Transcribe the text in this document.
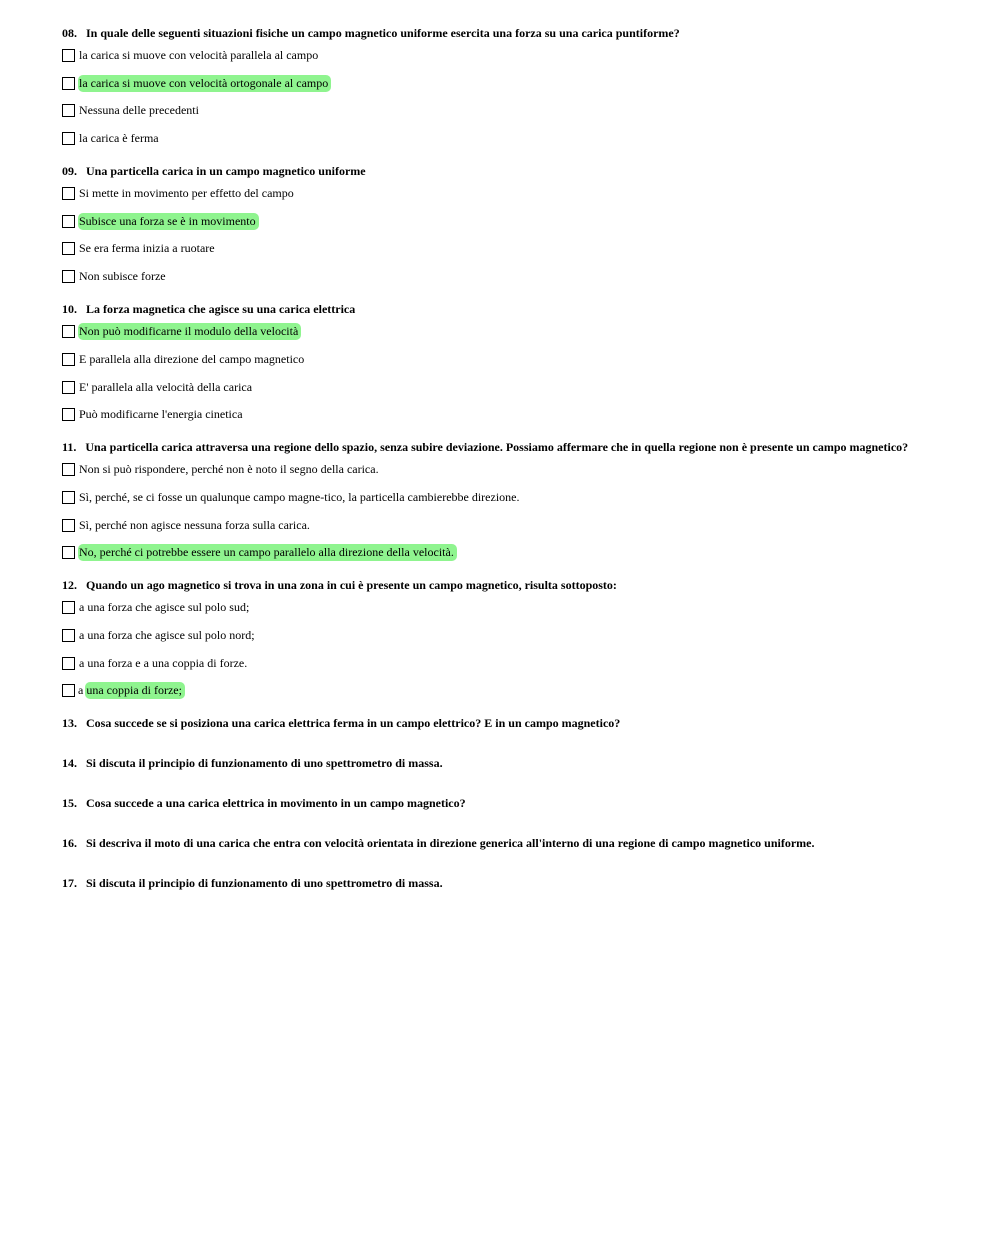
08. In quale delle seguenti situazioni fisiche un campo magnetico uniforme esercita una forza su una carica puntiforme?
la carica si muove con velocità parallela al campo
la carica si muove con velocità ortogonale al campo
Nessuna delle precedenti
la carica è ferma
09. Una particella carica in un campo magnetico uniforme
Si mette in movimento per effetto del campo
Subisce una forza se è in movimento
Se era ferma inizia a ruotare
Non subisce forze
10. La forza magnetica che agisce su una carica elettrica
Non può modificarne il modulo della velocità
E parallela alla direzione del campo magnetico
E' parallela alla velocità della carica
Può modificarne l'energia cinetica
11. Una particella carica attraversa una regione dello spazio, senza subire deviazione. Possiamo affermare che in quella regione non è presente un campo magnetico?
Non si può rispondere, perché non è noto il segno della carica.
Sì, perché, se ci fosse un qualunque campo magne-tico, la particella cambierebbe direzione.
Sì, perché non agisce nessuna forza sulla carica.
No, perché ci potrebbe essere un campo parallelo alla direzione della velocità.
12. Quando un ago magnetico si trova in una zona in cui è presente un campo magnetico, risulta sottoposto:
a una forza che agisce sul polo sud;
a una forza che agisce sul polo nord;
a una forza e a una coppia di forze.
a una coppia di forze;
13. Cosa succede se si posiziona una carica elettrica ferma in un campo elettrico? E in un campo magnetico?
14. Si discuta il principio di funzionamento di uno spettrometro di massa.
15. Cosa succede a una carica elettrica in movimento in un campo magnetico?
16. Si descriva il moto di una carica che entra con velocità orientata in direzione generica all'interno di una regione di campo magnetico uniforme.
17. Si discuta il principio di funzionamento di uno spettrometro di massa.
